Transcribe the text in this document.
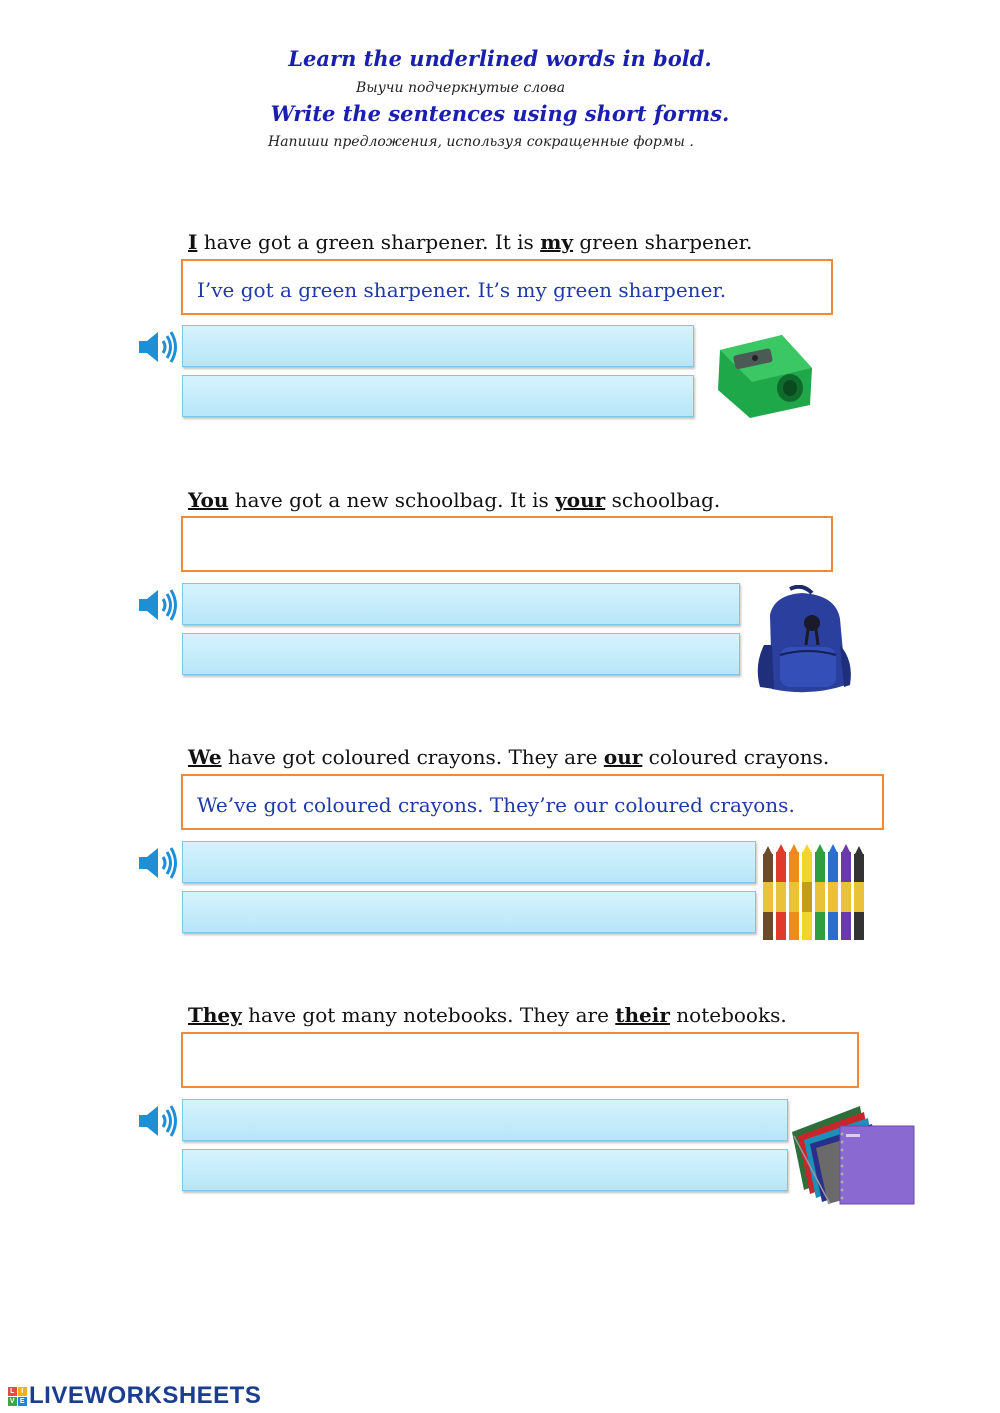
Learn the underlined words in bold.
Выучи подчеркнутые слова
Write the sentences using short forms.
Напиши предложения, используя сокращенные формы .
I have got a green sharpener. It is my green sharpener.
I’ve got a green sharpener. It’s my green sharpener.
You have got a new schoolbag. It is your schoolbag.
We have got coloured crayons. They are our coloured crayons.
We’ve got coloured crayons. They’re our coloured crayons.
They have got many notebooks. They are their notebooks.
L I
V E LIVEWORKSHEETS
